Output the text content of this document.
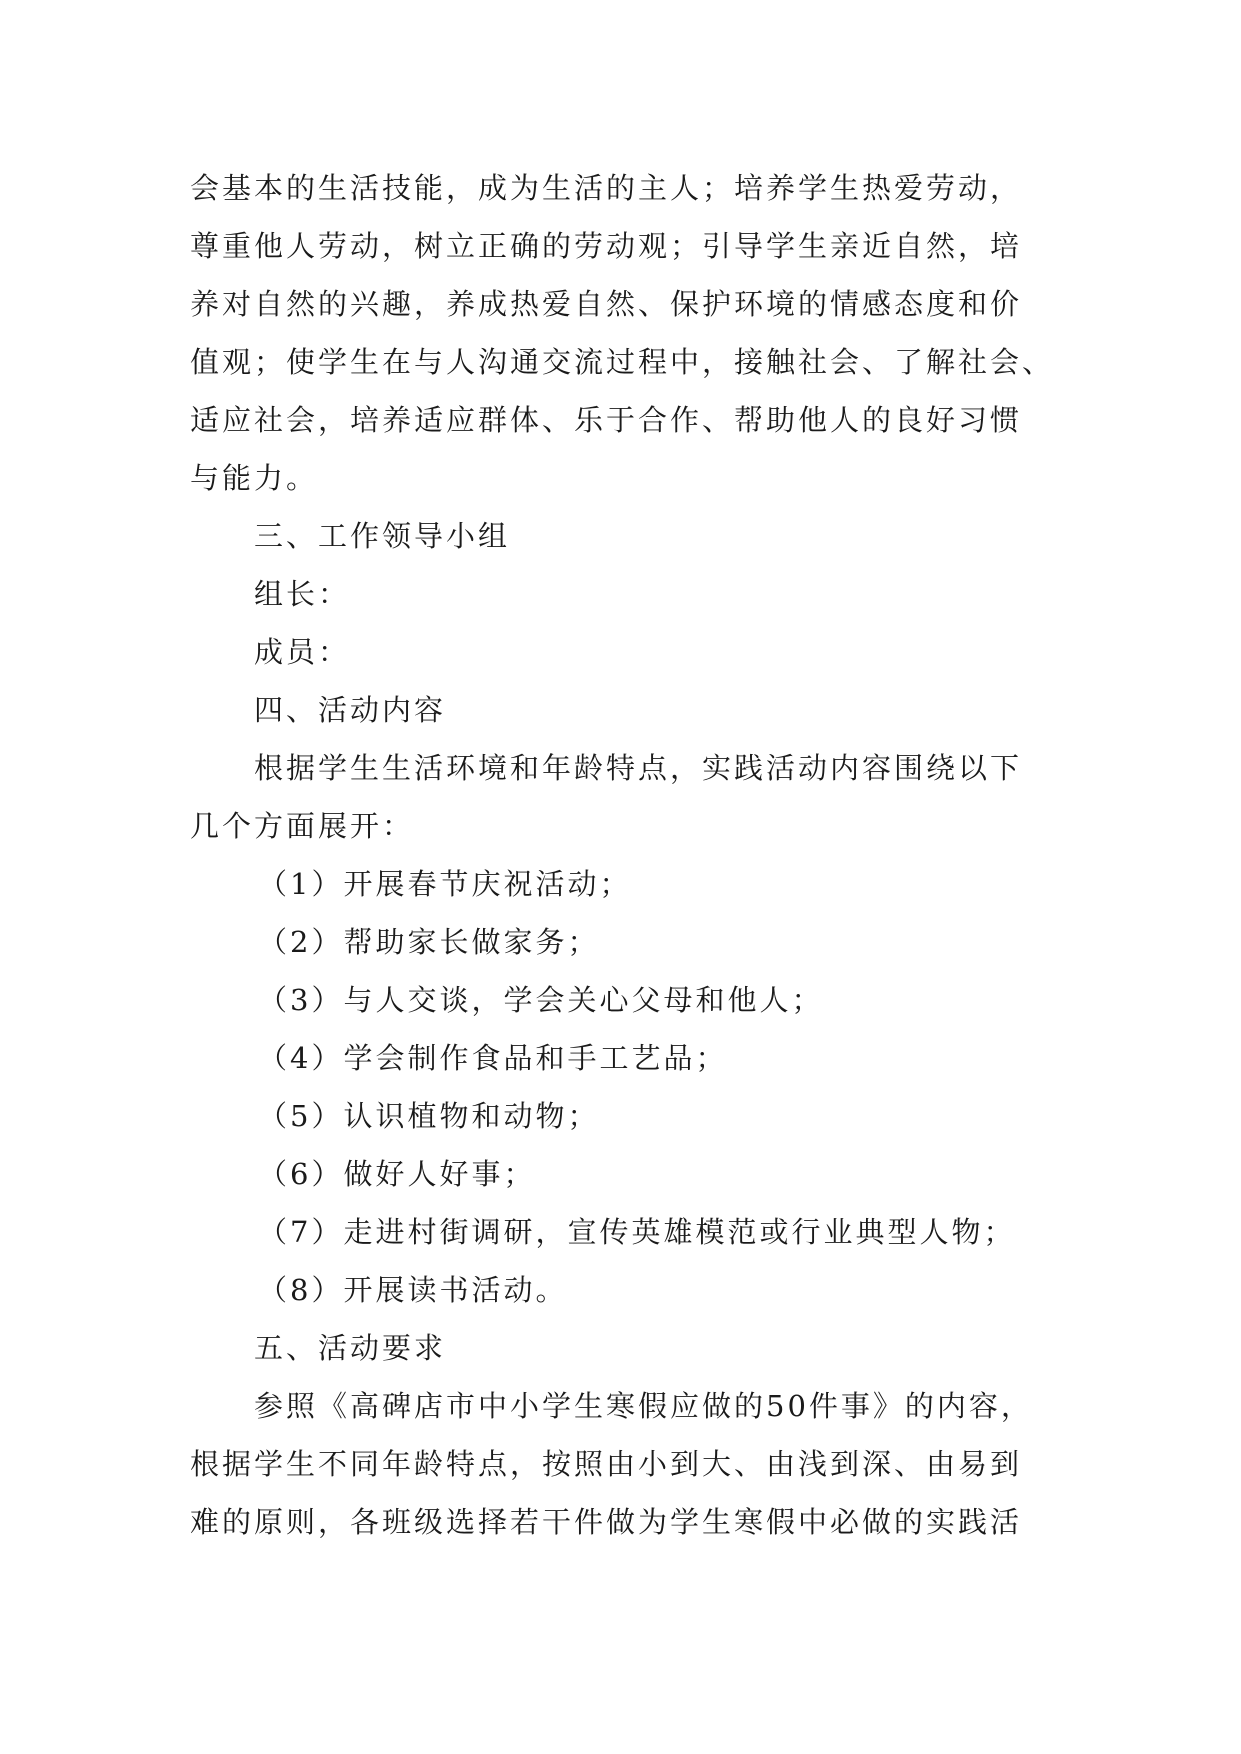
会基本的生活技能，成为生活的主人；培养学生热爱劳动，
尊重他人劳动，树立正确的劳动观；引导学生亲近自然，培
养对自然的兴趣，养成热爱自然、保护环境的情感态度和价
值观；使学生在与人沟通交流过程中，接触社会、了解社会、
适应社会，培养适应群体、乐于合作、帮助他人的良好习惯
与能力。
三、工作领导小组
组长：
成员：
四、活动内容
根据学生生活环境和年龄特点，实践活动内容围绕以下
几个方面展开：
（1）开展春节庆祝活动；
（2）帮助家长做家务；
（3）与人交谈，学会关心父母和他人；
（4）学会制作食品和手工艺品；
（5）认识植物和动物；
（6）做好人好事；
（7）走进村街调研，宣传英雄模范或行业典型人物；
（8）开展读书活动。
五、活动要求
参照《高碑店市中小学生寒假应做的50件事》的内容，
根据学生不同年龄特点，按照由小到大、由浅到深、由易到
难的原则，各班级选择若干件做为学生寒假中必做的实践活
